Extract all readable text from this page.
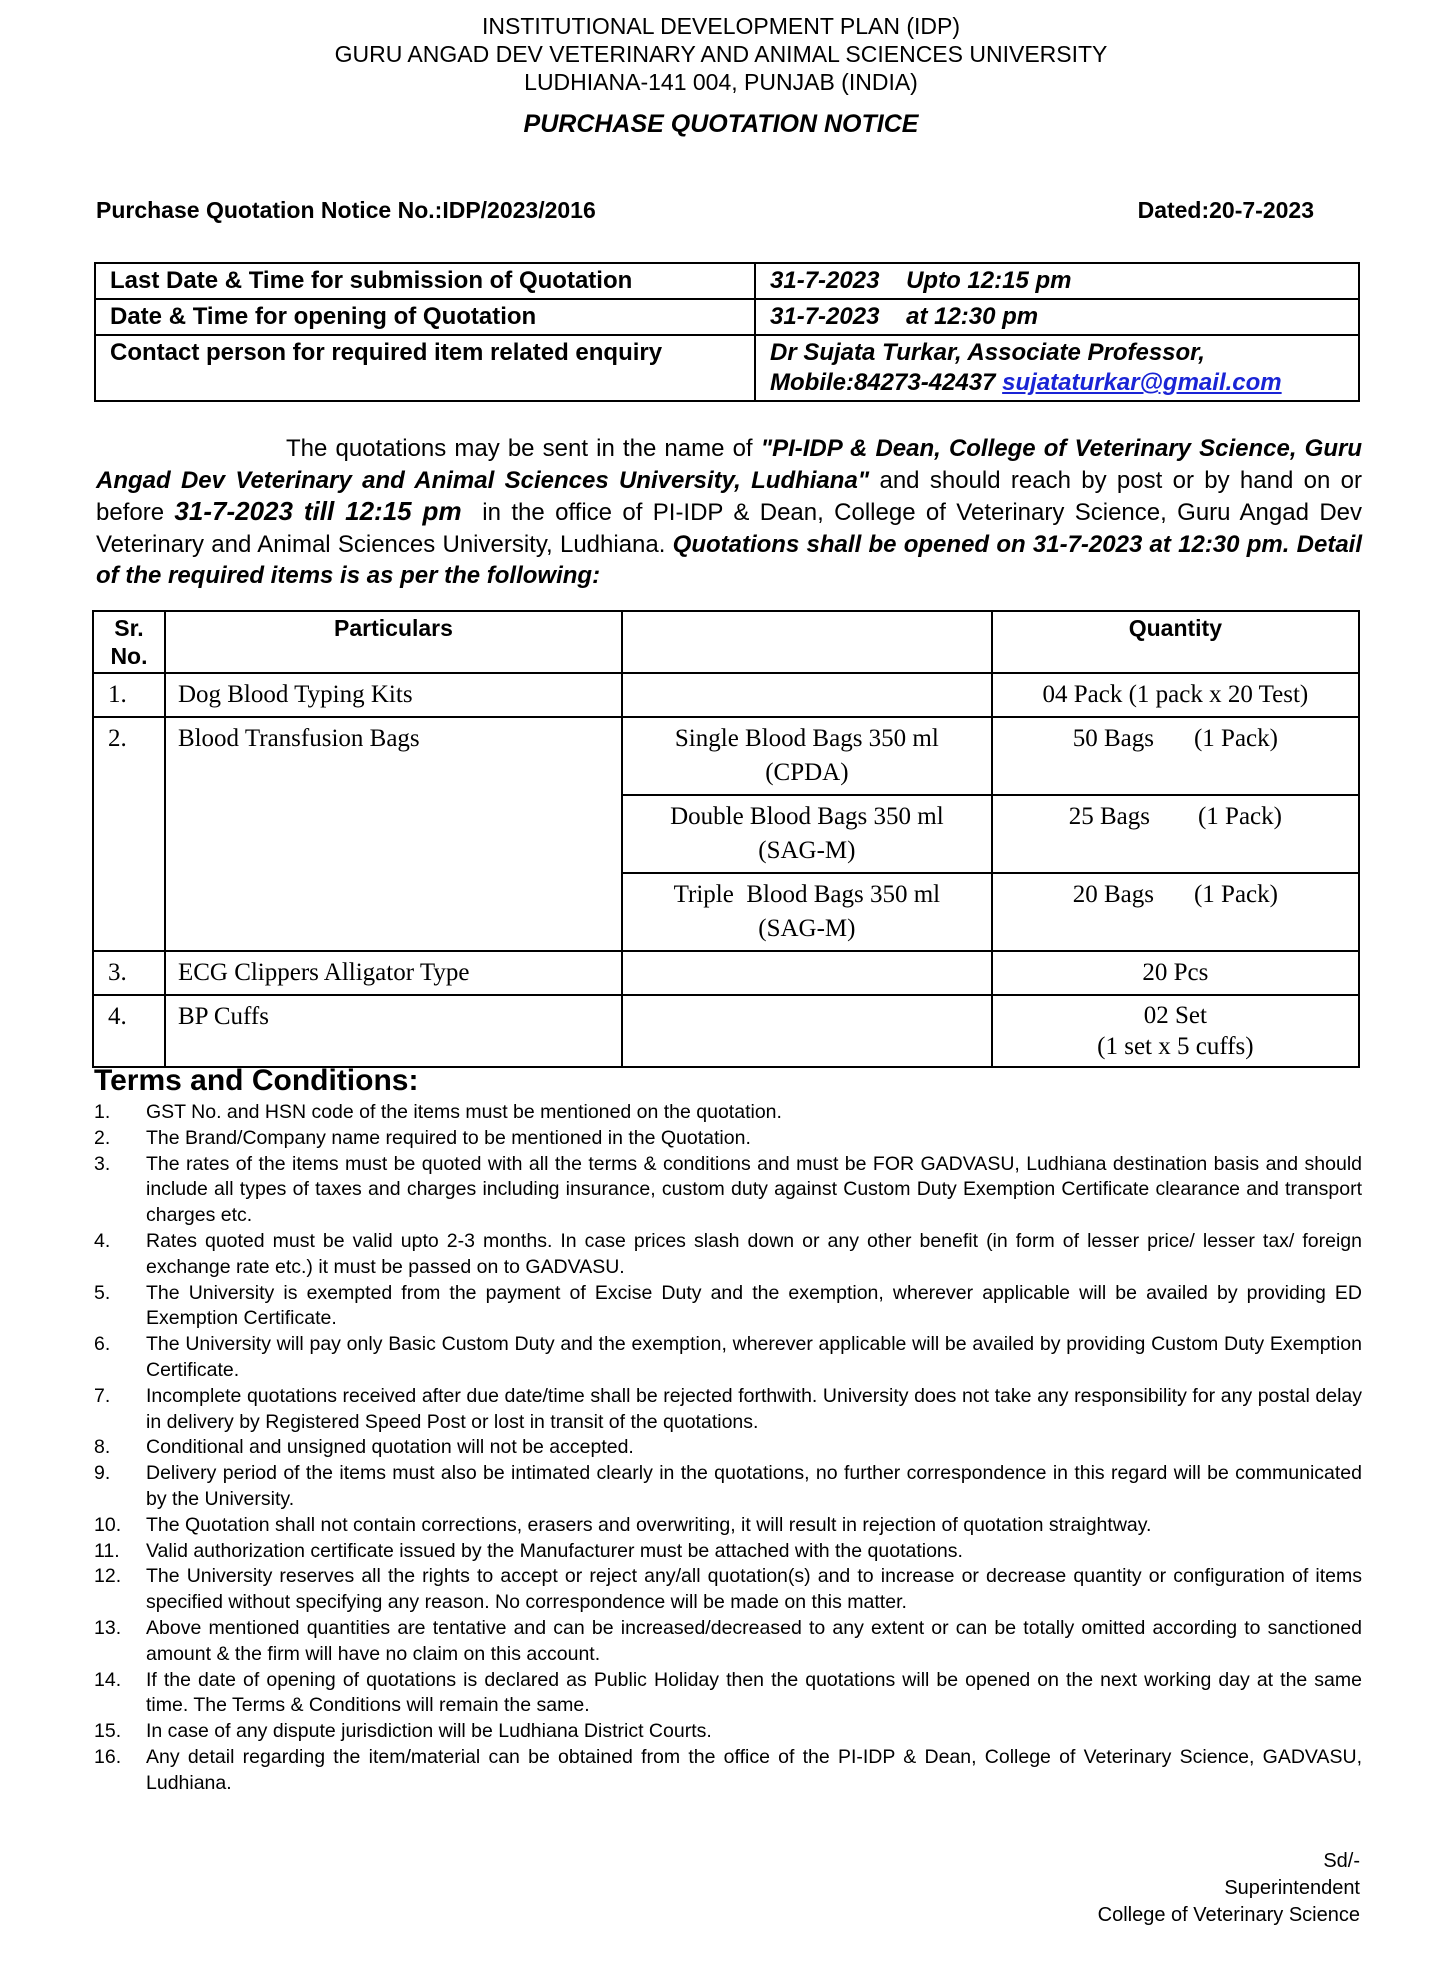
INSTITUTIONAL DEVELOPMENT PLAN (IDP)
GURU ANGAD DEV VETERINARY AND ANIMAL SCIENCES UNIVERSITY
LUDHIANA-141 004, PUNJAB (INDIA)
PURCHASE QUOTATION NOTICE
Purchase Quotation Notice No.:IDP/2023/2016	Dated:20-7-2023
Last Date & Time for submission of Quotation	31-7-2023    Upto 12:15 pm
Date & Time for opening of Quotation	31-7-2023    at 12:30 pm
Contact person for required item related enquiry	Dr Sujata Turkar, Associate Professor,
Mobile:84273-42437 sujataturkar@gmail.com
The quotations may be sent in the name of "PI-IDP & Dean, College of Veterinary Science, Guru Angad Dev Veterinary and Animal Sciences University, Ludhiana" and should reach by post or by hand on or before 31-7-2023 till 12:15 pm  in the office of PI-IDP & Dean, College of Veterinary Science, Guru Angad Dev Veterinary and Animal Sciences University, Ludhiana. Quotations shall be opened on 31-7-2023 at 12:30 pm. Detail of the required items is as per the following:
Sr. No.	Particulars		Quantity
1.	Dog Blood Typing Kits		04 Pack (1 pack x 20 Test)
2.	Blood Transfusion Bags	Single Blood Bags 350 ml
(CPDA)	50 Bags (1 Pack)

		Double Blood Bags 350 ml
(SAG-M)	25 Bags (1 Pack)

		Triple  Blood Bags 350 ml
(SAG-M)	20 Bags (1 Pack)
3.	ECG Clippers Alligator Type		20 Pcs
4.	BP Cuffs		02 Set
(1 set x 5 cuffs)
Terms and Conditions:
1. GST No. and HSN code of the items must be mentioned on the quotation.
2. The Brand/Company name required to be mentioned in the Quotation.
3. The rates of the items must be quoted with all the terms & conditions and must be FOR GADVASU, Ludhiana destination basis and should include all types of taxes and charges including insurance, custom duty against Custom Duty Exemption Certificate clearance and transport charges etc.
4. Rates quoted must be valid upto 2-3 months. In case prices slash down or any other benefit (in form of lesser price/ lesser tax/ foreign exchange rate etc.) it must be passed on to GADVASU.
5. The University is exempted from the payment of Excise Duty and the exemption, wherever applicable will be availed by providing ED Exemption Certificate.
6. The University will pay only Basic Custom Duty and the exemption, wherever applicable will be availed by providing Custom Duty Exemption Certificate.
7. Incomplete quotations received after due date/time shall be rejected forthwith. University does not take any responsibility for any postal delay in delivery by Registered Speed Post or lost in transit of the quotations.
8. Conditional and unsigned quotation will not be accepted.
9. Delivery period of the items must also be intimated clearly in the quotations, no further correspondence in this regard will be communicated by the University.
10. The Quotation shall not contain corrections, erasers and overwriting, it will result in rejection of quotation straightway.
11. Valid authorization certificate issued by the Manufacturer must be attached with the quotations.
12. The University reserves all the rights to accept or reject any/all quotation(s) and to increase or decrease quantity or configuration of items specified without specifying any reason. No correspondence will be made on this matter.
13. Above mentioned quantities are tentative and can be increased/decreased to any extent or can be totally omitted according to sanctioned amount & the firm will have no claim on this account.
14. If the date of opening of quotations is declared as Public Holiday then the quotations will be opened on the next working day at the same time. The Terms & Conditions will remain the same.
15. In case of any dispute jurisdiction will be Ludhiana District Courts.
16. Any detail regarding the item/material can be obtained from the office of the PI-IDP & Dean, College of Veterinary Science, GADVASU, Ludhiana.
Sd/-
Superintendent
College of Veterinary Science
